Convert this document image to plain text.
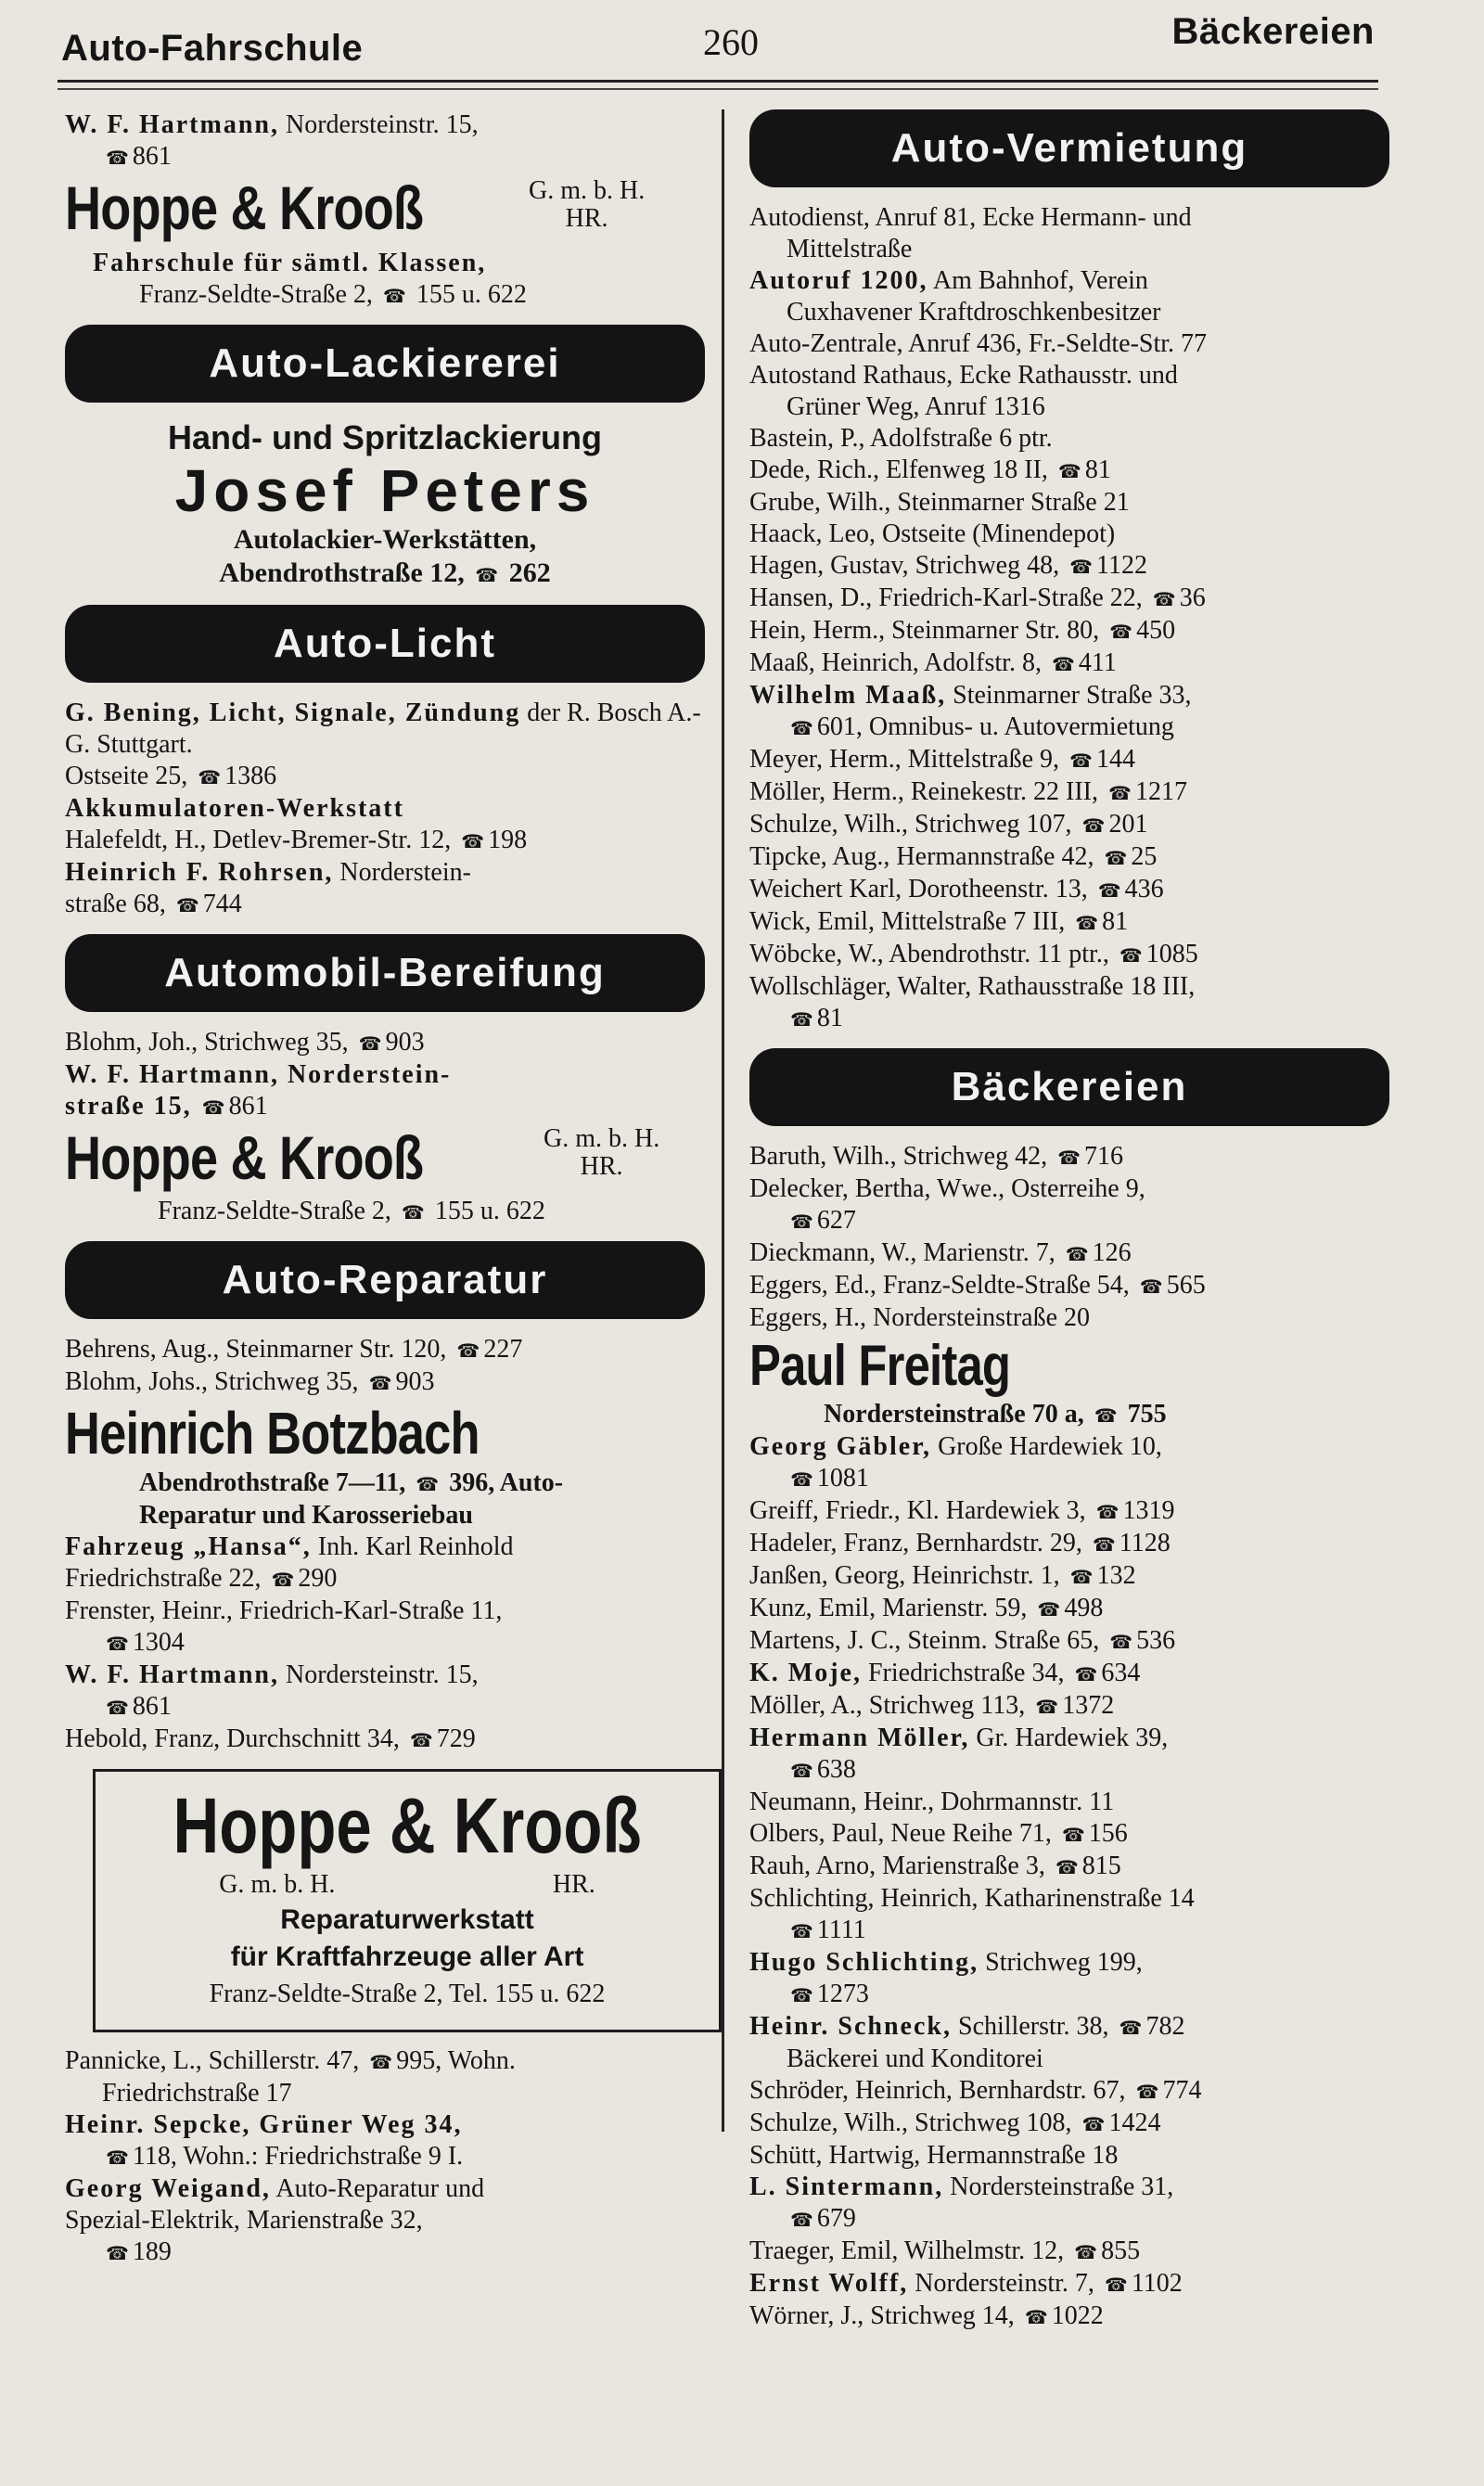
Auto-Fahrschule	260	Bäckereien
W. F. Hartmann, Nordersteinstr. 15,
☎ 861
Hoppe & Krooß	G. m. b. H.
HR.
Fahrschule für sämtl. Klassen,
Franz-Seldte-Straße 2, ☎ 155 u. 622
Auto-Lackiererei
Hand- und Spritzlackierung
Josef Peters
Autolackier-Werkstätten,
Abendrothstraße 12, ☎ 262
Auto-Licht
G. Bening, Licht, Signale, Zündung der R. Bosch A.-G. Stuttgart.
Ostseite 25, ☎ 1386
Akkumulatoren-Werkstatt
Halefeldt, H., Detlev-Bremer-Str. 12, ☎ 198
Heinrich F. Rohrsen, Norderstein-
straße 68, ☎ 744
Automobil-Bereifung
Blohm, Joh., Strichweg 35, ☎ 903
W. F. Hartmann, Norderstein-
straße 15, ☎ 861
Hoppe & Krooß	G. m. b. H.
HR.
Franz-Seldte-Straße 2, ☎ 155 u. 622
Auto-Reparatur
Behrens, Aug., Steinmarner Str. 120, ☎ 227
Blohm, Johs., Strichweg 35, ☎ 903
Heinrich Botzbach
Abendrothstraße 7—11, ☎ 396, Auto-
Reparatur und Karosseriebau
Fahrzeug „Hansa“, Inh. Karl Reinhold
Friedrichstraße 22, ☎ 290
Frenster, Heinr., Friedrich-Karl-Straße 11,
☎ 1304
W. F. Hartmann, Nordersteinstr. 15,
☎ 861
Hebold, Franz, Durchschnitt 34, ☎ 729
Hoppe & Krooß
G. m. b. H.	HR.
Reparaturwerkstatt
für Kraftfahrzeuge aller Art
Franz-Seldte-Straße 2, Tel. 155 u. 622
Pannicke, L., Schillerstr. 47, ☎ 995, Wohn.
Friedrichstraße 17
Heinr. Sepcke, Grüner Weg 34,
☎ 118, Wohn.: Friedrichstraße 9 I.
Georg Weigand, Auto-Reparatur und
Spezial-Elektrik, Marienstraße 32,
☎ 189
Auto-Vermietung
Autodienst, Anruf 81, Ecke Hermann- und
Mittelstraße
Autoruf 1200, Am Bahnhof, Verein
Cuxhavener Kraftdroschkenbesitzer
Auto-Zentrale, Anruf 436, Fr.-Seldte-Str. 77
Autostand Rathaus, Ecke Rathausstr. und
Grüner Weg, Anruf 1316
Bastein, P., Adolfstraße 6 ptr.
Dede, Rich., Elfenweg 18 II, ☎ 81
Grube, Wilh., Steinmarner Straße 21
Haack, Leo, Ostseite (Minendepot)
Hagen, Gustav, Strichweg 48, ☎ 1122
Hansen, D., Friedrich-Karl-Straße 22, ☎ 36
Hein, Herm., Steinmarner Str. 80, ☎ 450
Maaß, Heinrich, Adolfstr. 8, ☎ 411
Wilhelm Maaß, Steinmarner Straße 33,
☎ 601, Omnibus- u. Autovermietung
Meyer, Herm., Mittelstraße 9, ☎ 144
Möller, Herm., Reinekestr. 22 III, ☎ 1217
Schulze, Wilh., Strichweg 107, ☎ 201
Tipcke, Aug., Hermannstraße 42, ☎ 25
Weichert Karl, Dorotheenstr. 13, ☎ 436
Wick, Emil, Mittelstraße 7 III, ☎ 81
Wöbcke, W., Abendrothstr. 11 ptr., ☎ 1085
Wollschläger, Walter, Rathausstraße 18 III,
☎ 81
Bäckereien
Baruth, Wilh., Strichweg 42, ☎ 716
Delecker, Bertha, Wwe., Osterreihe 9,
☎ 627
Dieckmann, W., Marienstr. 7, ☎ 126
Eggers, Ed., Franz-Seldte-Straße 54, ☎ 565
Eggers, H., Nordersteinstraße 20
Paul Freitag
Nordersteinstraße 70 a, ☎ 755
Georg Gäbler, Große Hardewiek 10,
☎ 1081
Greiff, Friedr., Kl. Hardewiek 3, ☎ 1319
Hadeler, Franz, Bernhardstr. 29, ☎ 1128
Janßen, Georg, Heinrichstr. 1, ☎ 132
Kunz, Emil, Marienstr. 59, ☎ 498
Martens, J. C., Steinm. Straße 65, ☎ 536
K. Moje, Friedrichstraße 34, ☎ 634
Möller, A., Strichweg 113, ☎ 1372
Hermann Möller, Gr. Hardewiek 39,
☎ 638
Neumann, Heinr., Dohrmannstr. 11
Olbers, Paul, Neue Reihe 71, ☎ 156
Rauh, Arno, Marienstraße 3, ☎ 815
Schlichting, Heinrich, Katharinenstraße 14
☎ 1111
Hugo Schlichting, Strichweg 199,
☎ 1273
Heinr. Schneck, Schillerstr. 38, ☎ 782
Bäckerei und Konditorei
Schröder, Heinrich, Bernhardstr. 67, ☎ 774
Schulze, Wilh., Strichweg 108, ☎ 1424
Schütt, Hartwig, Hermannstraße 18
L. Sintermann, Nordersteinstraße 31,
☎ 679
Traeger, Emil, Wilhelmstr. 12, ☎ 855
Ernst Wolff, Nordersteinstr. 7, ☎ 1102
Wörner, J., Strichweg 14, ☎ 1022
